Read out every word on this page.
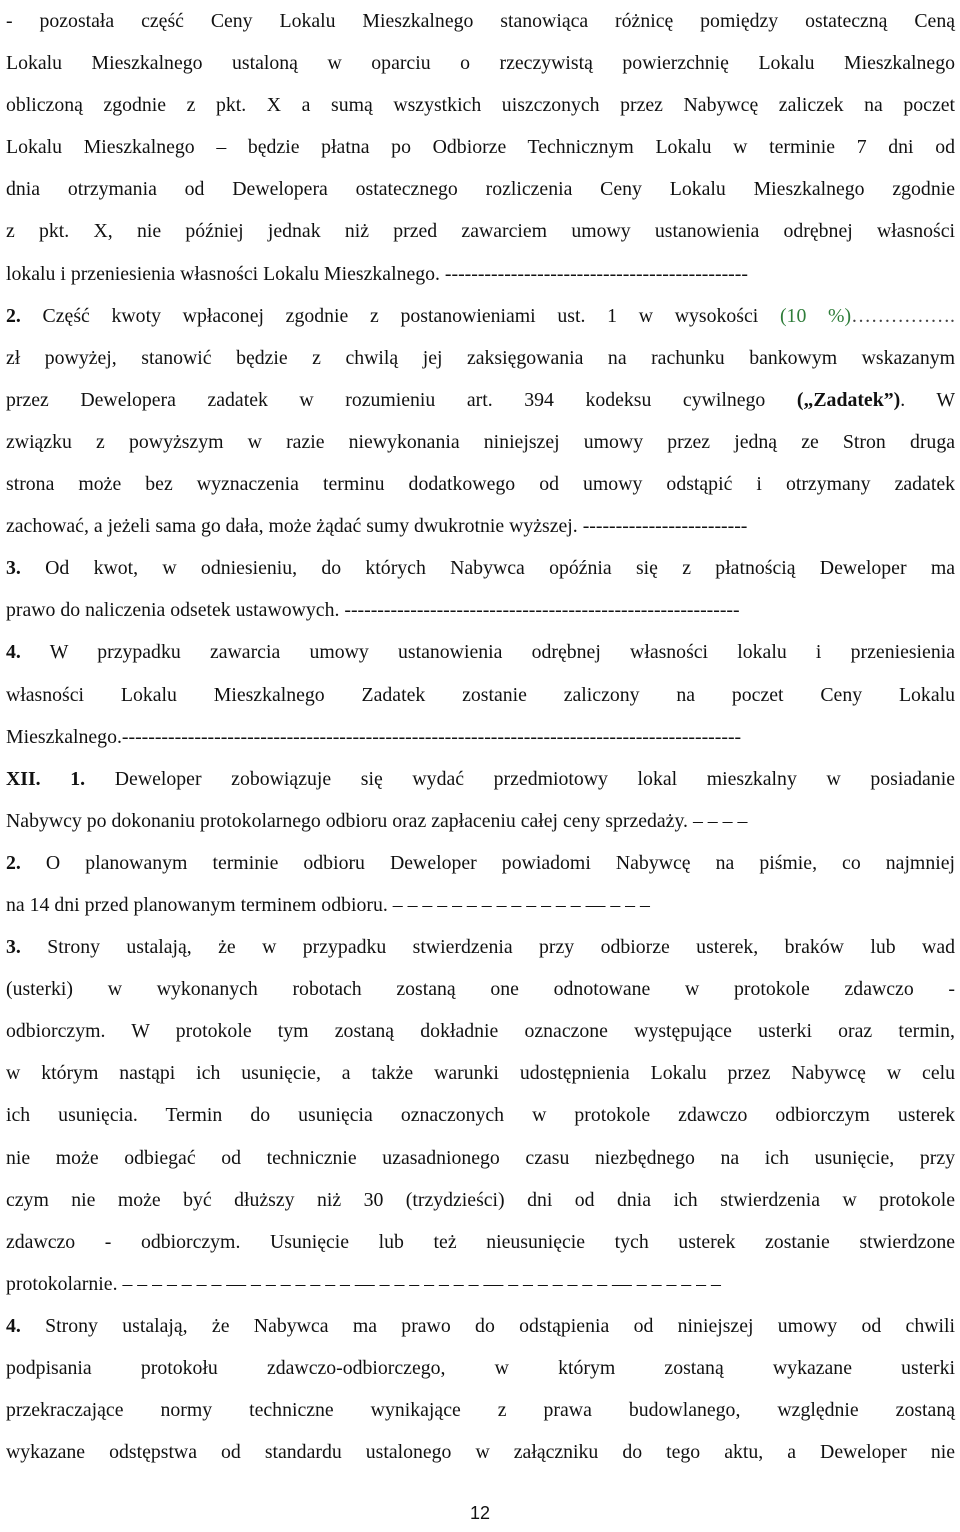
- pozostała część Ceny Lokalu Mieszkalnego stanowiąca różnicę pomiędzy ostateczną Ceną
Lokalu Mieszkalnego ustaloną w oparciu o rzeczywistą powierzchnię Lokalu Mieszkalnego
obliczoną zgodnie z pkt. X a sumą wszystkich uiszczonych przez Nabywcę zaliczek na poczet
Lokalu Mieszkalnego – będzie płatna po Odbiorze Technicznym Lokalu w terminie 7 dni od
dnia otrzymania od Dewelopera ostatecznego rozliczenia Ceny Lokalu Mieszkalnego zgodnie
z pkt. X, nie później jednak niż przed zawarciem umowy ustanowienia odrębnej własności
lokalu i przeniesienia własności Lokalu Mieszkalnego. ----------------------------------------------
2. Część kwoty wpłaconej zgodnie z postanowieniami ust. 1 w wysokości (10 %)…………….
zł powyżej, stanowić będzie z chwilą jej zaksięgowania na rachunku bankowym wskazanym
przez Dewelopera zadatek w rozumieniu art. 394 kodeksu cywilnego („Zadatek”). W
związku z powyższym w razie niewykonania niniejszej umowy przez jedną ze Stron druga
strona może bez wyznaczenia terminu dodatkowego od umowy odstąpić i otrzymany zadatek
zachować, a jeżeli sama go dała, może żądać sumy dwukrotnie wyższej. -------------------------
3. Od kwot, w odniesieniu, do których Nabywca opóźnia się z płatnością Deweloper ma
prawo do naliczenia odsetek ustawowych. ------------------------------------------------------------
4. W przypadku zawarcia umowy ustanowienia odrębnej własności lokalu i przeniesienia
własności Lokalu Mieszkalnego Zadatek zostanie zaliczony na poczet Ceny Lokalu
Mieszkalnego.----------------------------------------------------------------------------------------------
XII. 1. Deweloper zobowiązuje się wydać przedmiotowy lokal mieszkalny w posiadanie
Nabywcy po dokonaniu protokolarnego odbioru oraz zapłaceniu całej ceny sprzedaży. – – – –
2. O planowanym terminie odbioru Deweloper powiadomi Nabywcę na piśmie, co najmniej
na 14 dni przed planowanym terminem odbioru. – – – – – – – – – – – – – — – – –
3. Strony ustalają, że w przypadku stwierdzenia przy odbiorze usterek, braków lub wad
(usterki) w wykonanych robotach zostaną one odnotowane w protokole zdawczo -
odbiorczym. W protokole tym zostaną dokładnie oznaczone występujące usterki oraz termin,
w którym nastąpi ich usunięcie, a także warunki udostępnienia Lokalu przez Nabywcę w celu
ich usunięcia. Termin do usunięcia oznaczonych w protokole zdawczo odbiorczym usterek
nie może odbiegać od technicznie uzasadnionego czasu niezbędnego na ich usunięcie, przy
czym nie może być dłuższy niż 30 (trzydzieści) dni od dnia ich stwierdzenia w protokole
zdawczo - odbiorczym. Usunięcie lub też nieusunięcie tych usterek zostanie stwierdzone
protokolarnie. – – – – – – – — – – – – – – – — – – – – – – – — – – – – – – – — – – – – – –
4. Strony ustalają, że Nabywca ma prawo do odstąpienia od niniejszej umowy od chwili
podpisania protokołu zdawczo-odbiorczego, w którym zostaną wykazane usterki
przekraczające normy techniczne wynikające z prawa budowlanego, względnie zostaną
wykazane odstępstwa od standardu ustalonego w załączniku do tego aktu, a Deweloper nie
12
